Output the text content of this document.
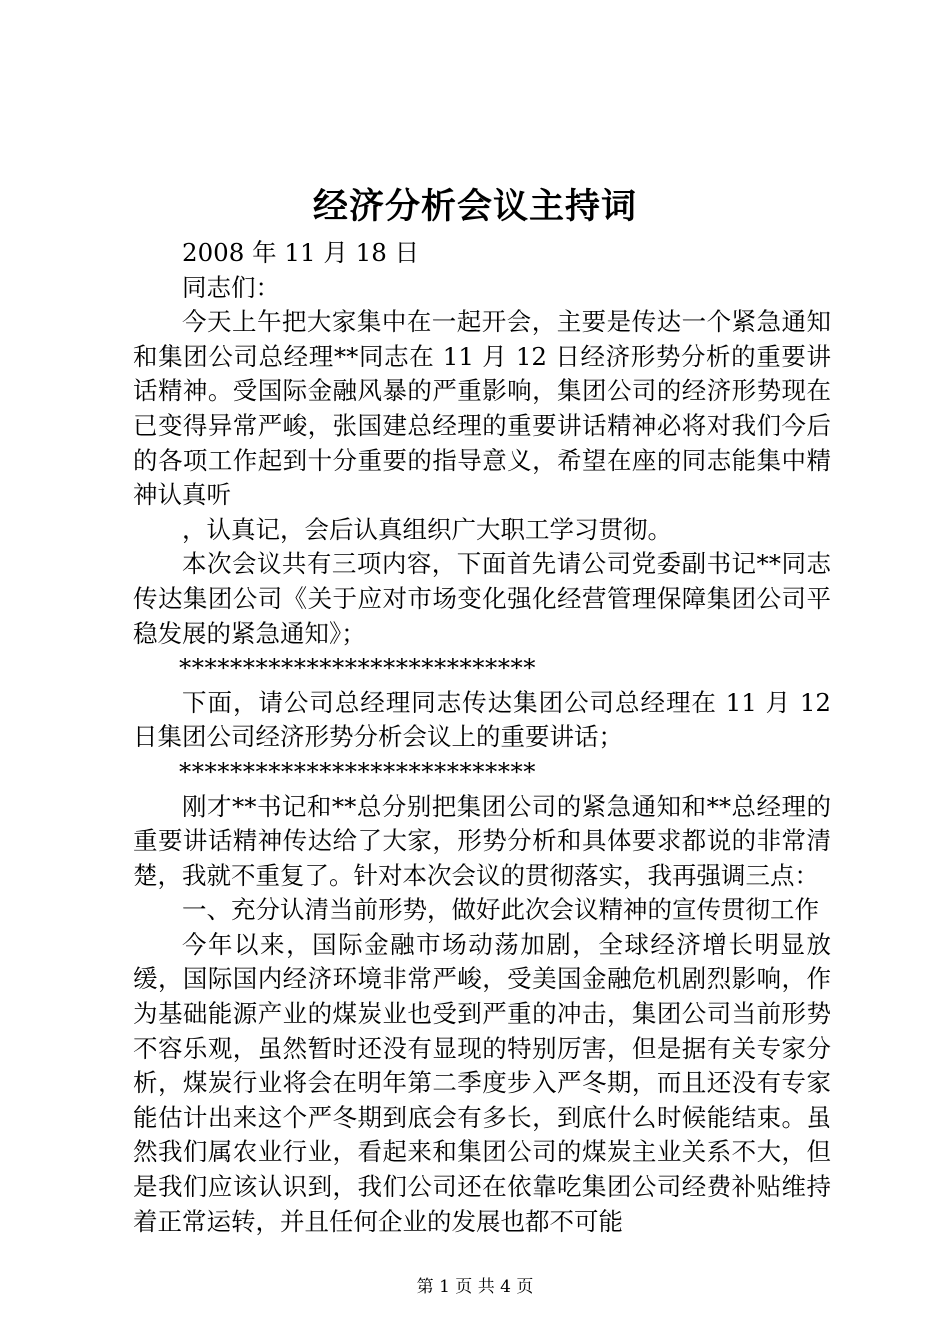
经济分析会议主持词

2008 年 11 月 18 日

同志们：

今天上午把大家集中在一起开会，主要是传达一个紧急通知和集团公司总经理**同志在 11 月 12 日经济形势分析的重要讲话精神。受国际金融风暴的严重影响，集团公司的经济形势现在已变得异常严峻，张国建总经理的重要讲话精神必将对我们今后的各项工作起到十分重要的指导意义，希望在座的同志能集中精神认真听

，认真记，会后认真组织广大职工学习贯彻。

本次会议共有三项内容，下面首先请公司党委副书记**同志传达集团公司《关于应对市场变化强化经营管理保障集团公司平稳发展的紧急通知》；

****************************

下面，请公司总经理同志传达集团公司总经理在 11 月 12 日集团公司经济形势分析会议上的重要讲话；

****************************

刚才**书记和**总分别把集团公司的紧急通知和**总经理的重要讲话精神传达给了大家，形势分析和具体要求都说的非常清楚，我就不重复了。针对本次会议的贯彻落实，我再强调三点：

一、充分认清当前形势，做好此次会议精神的宣传贯彻工作

今年以来，国际金融市场动荡加剧，全球经济增长明显放缓，国际国内经济环境非常严峻，受美国金融危机剧烈影响，作为基础能源产业的煤炭业也受到严重的冲击，集团公司当前形势不容乐观，虽然暂时还没有显现的特别厉害，但是据有关专家分析，煤炭行业将会在明年第二季度步入严冬期，而且还没有专家能估计出来这个严冬期到底会有多长，到底什么时候能结束。虽然我们属农业行业，看起来和集团公司的煤炭主业关系不大，但是我们应该认识到，我们公司还在依靠吃集团公司经费补贴维持着正常运转，并且任何企业的发展也都不可能

第 1 页 共 4 页
